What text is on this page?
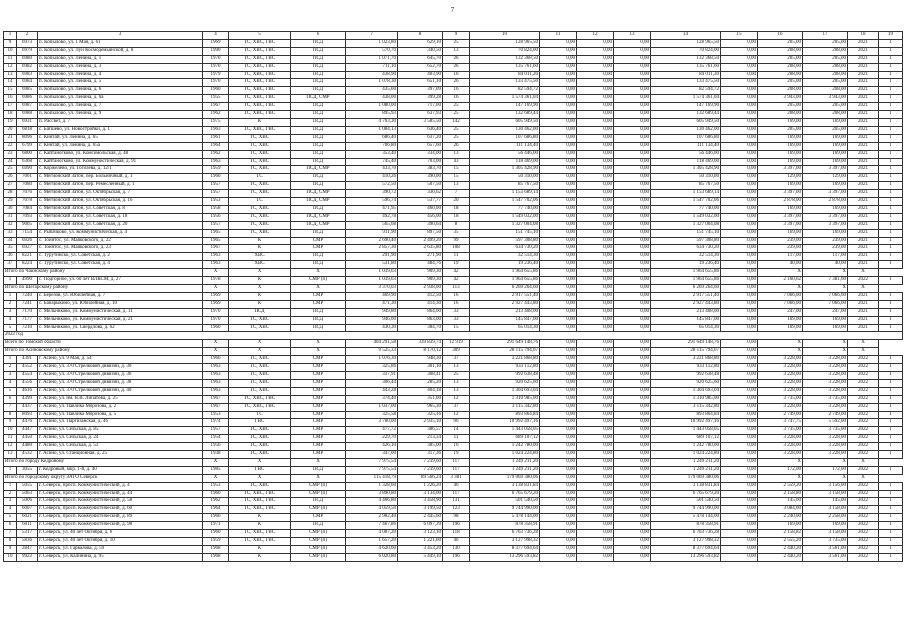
7
1	2	3	4	5	6	7	8	9	10	11	12	13	14	15	16	17	18	19
9	6973	п. Копылово, ул. 1 Мая, д. 61	1969	ТС, ХВС, ГВС	ПСД	1 023,80	629,10	25	128 965,50	0,00	0,00	0,00	128 965,50	0,00	205,00	205,00	2021	1
10	6979	п. Копылово, ул. Луи Космодемьянской, д. 8	1990	ТС, ХВС, ГВС	ПСД	570,70	340,50	13	70 824,00	0,00	0,00	0,00	70 824,00	0,00	208,00	208,00	2021	1
11	6980	п. Копылово, ул. Ленина, д. 1	1970	ТС, ХВС, ГВС	ПСД	1 071,70	645,70	26	132 368,50	0,00	0,00	0,00	132 368,50	0,00	205,00	205,00	2021	1
12	6982	п. Копылово, ул. Ленина, д. 3	1970	ТС, ХВС, ГВС	ПСД	711,10	652,70	26	135 761,60	0,00	0,00	0,00	135 761,60	0,00	208,00	208,00	2021	1
13	6983	п. Копылово, ул. Ленина, д. 4	1979	ТС, ХВС, ГВС	ПСД	438,90	403,90	16	84 011,20	0,00	0,00	0,00	84 011,20	0,00	208,00	208,00	2021	1
14	6984	п. Копылово, ул. Ленина, д. 5	1970	ТС, ХВС, ГВС	ПСД	1 078,30	651,10	26	133 475,50	0,00	0,00	0,00	133 475,50	0,00	205,00	205,00	2021	1
15	6985	п. Копылово, ул. Ленина, д. 6	1960	ТС, ХВС, ГВС	ПСД	435,60	397,09	16	82 594,72	0,00	0,00	0,00	82 594,72	0,00	208,00	208,00	2021	1
16	6986	п. Копылово, ул. Ленина, д. 6а	1955	ТС, ХВС, ГВС	ПСД, СМР	438,00	399,28	16	1 574 361,04	0,00	0,00	0,00	1 574 361,04	0,00	3 943,00	3 943,00	2021	1
17	6987	п. Копылово, ул. Ленина, д. 7	1967	ТС, ХВС, ГВС	ПСД	1 080,00	717,00	25	147 169,90	0,00	0,00	0,00	147 169,90	0,00	205,00	205,00	2021	1
18	6988	п. Копылово, ул. Ленина, д. 9	1962	ТС, ХВС, ГВС	ПСД	895,93	637,93	25	132 689,44	0,00	0,00	0,00	132 689,44	0,00	208,00	208,00	2021	1
19	6931	п. Рассвет, д. 7	1975	К	ПСД	4 703,30	3 585,50	142	605 949,50	0,00	0,00	0,00	605 949,50	0,00	169,00	169,00	2021	1
20	6818	с. Батшево, ул. Новостройки, д. 1	1963	ТС, ХВС, ГВС	ПСД	1 084,13	636,40	25	130 462,00	0,00	0,00	0,00	130 462,00	0,00	205,00	205,00	2021	1
21	8096	с. Кинтай, ул. Ленина, д. 65	1961	ТС, ХВС	ПСД	686,40	637,20	25	107 686,80	0,00	0,00	0,00	107 686,80	0,00	169,00	169,00	2021	1
22	6799	с. Кинтай, ул. Ленина, д. 65а	1964	ТС, ХВС	ПСД	706,80	657,60	26	111 134,40	0,00	0,00	0,00	111 134,40	0,00	169,00	169,00	2021	1
23	6800	с. Кайтаногково, ул. Комсомольская, д. 48	1962	ТС, ХВС	ПСД	353,40	334,00	13	56 446,00	0,00	0,00	0,00	56 446,00	0,00	169,00	169,00	2021	1
24	6368	с. Кайтаногково, ул. Коммунистическая, д. 91	1963	ТС, ХВС	ПСД	745,40	703,00	43	118 469,00	0,00	0,00	0,00	118 469,00	0,00	169,00	169,00	2021	1
25	6990	с. Коржелево, ул. Гоголева, д. 12/1	1959	ТС, ХВС	ПСД, СМР	433,70	383,70	15	1 305 428,90	0,00	0,00	0,00	1 305 428,90	0,00	3 397,00	3 397,00	2021	1
26	7061	с. Мегионский Затон, пер. Больничный, д. 1	1960	ТС	ПСД	410,26	390,00	15	50 310,00	0,00	0,00	0,00	50 310,00	0,00	129,00	129,00	2021	1
27	7080	с. Мегионский Затон, пер. Ремесленный, д. 1	1957	ТС, ХВС	ПСД	572,50	507,50	13	85 767,50	0,00	0,00	0,00	85 767,50	0,00	169,00	169,00	2021	1
28	7076	с. Мегионский Затон, ул. Октябрьская, д. 7	1957	ТС, ХВС	ПСД, СМР	390,72	330,62	7	1 153 689,14	0,00	0,00	0,00	1 153 689,14	0,00	3 397,00	3 397,00	2021	1
29	7078	с. Мегионский Затон, ул. Октябрьская, д. 16	1953	ТС	ПСД, СМР	596,74	537,77	20	1 547 702,06	0,00	0,00	0,00	1 547 702,06	0,00	2 878,00	2 878,00	2021	1
30	7084	с. Мегионский Затон, ул. Советская, д. 8	1958	ТС, ХВС	ПСД	471,95	460,00	18	77 740,00	0,00	0,00	0,00	77 740,00	0,00	169,00	169,00	2021	1
31	7093	с. Мегионский Затон, ул. Советская, д. 18	1956	ТС, ХВС	ПСД, СМР	492,78	456,00	18	1 549 032,00	0,00	0,00	0,00	1 549 032,00	0,00	3 397,00	3 397,00	2021	1
32	9005	с. Мегионский Затон, ул. Советская, д. 20	1957	ТС, ХВС	ПСД, СМР	565,68	390,64	8	1 327 004,08	0,00	0,00	0,00	1 327 004,08	0,00	3 397,00	3 397,00	2021	1
33	7154	с. Рыбачково, ул. Коммунистическая, д. 4	1965	ТС, ХВС	ПСД	911,90	897,50	35	151 745,10	0,00	0,00	0,00	151 745,10	0,00	169,00	169,00	2021	1
34	6926	с. Тоинтос, ул. Маяковского, д. 22	1965	К	СМР	2 690,40	2 499,20	99	597 308,80	0,00	0,00	0,00	597 308,80	0,00	239,00	239,00	2021	1
35	6927	с. Тоинтос, ул. Маяковского, д. 23	1967	К	СМР	2 857,30	2 635,80	108	634 730,20	0,00	0,00	0,00	634 730,20	0,00	239,00	239,00	2021	1
36	8221	с. Турутинско, ул. Советская, д. 2	1963	ХВС	ПСД	291,90	271,90	11	32 514,30	0,00	0,00	0,00	32 514,30	0,00	117,00	117,00	2021	1
37	8224	с. Турутинско, ул. Советская, д. 4	1963	ХВС	ПСД	531,80	484,76	19	19 236,40	0,00	0,00	0,00	19 236,40	0,00	40,00	40,00	2021	1
Итого по Чаинскому району			X	X	X	1 039,63	909,30	42	1 964 655,86	0,00	0,00	0,00	1 964 655,86	0,00	X	X	X	
1	4990	с. Подгорное, ул. 60 лет ВЛКСМ, д. 27	1978	К	СМР (п)	1 039,63	909,30	42	1 964 655,86	0,00	0,00	0,00	1 964 655,86	0,00	2 160,62	7 381,00	2022	1
Итого по Шегарскому району			X	X	X	3 370,03	2 938,00	113	6 269 264,60	0,00	0,00	0,00	6 269 264,60	0,00	X	X	X	
1	7240	с. Березов, ул. Юбилейная, д. 7	1969	К	СМР	469,90	412,50	16	2 917 551,40	0,00	0,00	0,00	2 917 551,40	0,00	7 066,00	7 066,00	2021	1
2	7241	с. Бабарыкино, ул. Юбилейная, д. 10	1969	К	СМР	471,30	414,30	16	2 927 443,80	0,00	0,00	0,00	2 927 443,80	0,00	7 066,00	7 066,00	2021	1
3	7170	с. Мельниково, ул. Коммунистическая, д. 11	1970	ПСД	ПСД	949,80	864,00	33	213 408,00	0,00	0,00	0,00	213 408,00	0,00	247,00	247,00	2021	1
4	7177	с. Мельниково, ул. Коммунистическая, д. 21	1970	ТС, ХВС	ПСД	946,00	863,00	33	145 847,00	0,00	0,00	0,00	145 847,00	0,00	169,00	169,00	2021	1
5	7210	с. Мельниково, ул. Свердлова, д. 62	1960	ТС, ХВС	ПСД	430,30	384,70	15	65 014,30	0,00	0,00	0,00	65 014,30	0,00	169,00	169,00	2021	1
2022 год																		
Всего по Томской области			X	X	X	404 291,58	339 839,74	12 919	291 649 148,76	0,00	0,00	0,00	291 649 148,76	0,00	X	X	X	
Итого по Асиновскому району			X	X	X	9 525,33	8 170,12	309	28 115 794,07	0,00	0,00	0,00	28 115 794,07	0,00	X	X	X	
1	4391	г. Асино, ул. 9 Мая, д. 54	1966	ТС, ХВС	СМР	1 076,30	948,30	37	3 221 868,80	0,00	0,00	0,00	3 221 868,80	0,00	3 228,00	3 228,00	2022	1
2	4552	г. Асино, ул. 370 Стрелковой дивизии, д. 30	1963	ТС, ХВС	СМР	325,86	301,10	13	933 112,80	0,00	0,00	0,00	933 112,80	0,00	3 228,00	3 228,00	2022	1
3	4554	г. Асино, ул. 370 Стрелковой дивизии, д. 36	1963	ТС, ХВС	СМР	337,91	308,41	25	992 638,48	0,00	0,00	0,00	992 638,48	0,00	3 228,00	3 228,00	2022	1
4	4556	г. Асино, ул. 370 Стрелковой дивизии, д. 38	1963	ТС, ХВС	СМР	306,44	285,20	13	920 625,60	0,00	0,00	0,00	920 625,60	0,00	3 228,00	3 228,00	2022	1
5	4616	г. Асино, ул. 370 Стрелковой дивизии, д. 40	1963	ТС, ХВС	СМР	443,28	404,18	13	1 304 693,04	0,00	0,00	0,00	1 304 693,04	0,00	3 228,00	3 228,00	2022	1
6	4399	г. Асино, ул. им. В.В. Липатова, д. 25	1967	ТС, ХВС, ГВС	СМР	374,40	351,00	12	1 310 985,00	0,00	0,00	0,00	1 310 985,00	0,00	3 735,00	3 735,00	2022	1
7	4437	г. Асино, ул. Павлика Морозова, д. 2	1967	ТС, ХВС, ГВС	СМР	1 037,00	965,30	37	3 115 342,80	0,00	0,00	0,00	3 115 342,80	0,00	3 228,00	3 228,00	2022	1
8	8093	г. Асино, ул. Павлика Морозова, д. 5	1953	ТС	СМР	325,58	325,16	12	893 864,84	0,00	0,00	0,00	893 864,84	0,00	2 749,00	2 749,00	2022	1
9	4476	г. Асино, ул. Партизанская, д. 46	1974	ГВС	СМР	3 780,00	2 935,10	96	10 992 497,16	0,00	0,00	0,00	10 992 497,16	0,00	3 747,75	5 592,00	2022	1
10	4447	г. Асино, ул. Сельская, д. 85	1957	ТС, ХВС	СМР	477,72	386,57	14	1 443 058,05	0,00	0,00	0,00	1 443 058,05	0,00	3 735,00	3 735,00	2022	1
11	4450	г. Асино, ул. Сельская, д. 24	1954	ТС, ХВС	СМР	229,70	213,34	11	689 107,12	0,00	0,00	0,00	689 107,12	0,00	3 228,00	3 228,00	2022	1
12	4480	г. Асино, ул. Сельская, д. 53	1956	ТС, ХВС	СМР	426,10	385,00	16	1 242 780,00	0,00	0,00	0,00	1 242 780,00	0,00	3 228,00	3 228,00	2022	1
13	4532	г. Асино, ул. Станционная, д. 25	1938	ТС, ХВС	СМР	347,00	317,36	19	1 024 224,80	0,00	0,00	0,00	1 024 224,80	0,00	3 228,00	3 228,00	2022	1
Итого по городу Кедровому			X	X	X	7 975,54	7 239,60	117	1 249 211,20	0,00	0,00	0,00	1 249 211,20	0,00	X	X	X	
1	3055	г. Кедровый, мкр. 1-й, д. 40	1985	ГВС	ПСД	7 975,54	7 239,60	117	1 249 211,20	0,00	0,00	0,00	1 249 211,20	0,00	172,00	172,00	2022	1
Итого по городскому округу ЗАТО Северск			X	X	X	115 418,79	89 566,24	3 381	179 069 380,06	0,00	0,00	0,00	179 069 380,06	0,00	X	X	X	
1	5055	г. Северск, просп. Коммунистический, д. 4	1953	ТС, ХВС	СМР (п)	1 328,60	1 226,20	46	3 138 831,84	0,00	0,00	0,00	3 138 831,84	0,00	2 559,20	3 156,00	2022	1
2	5063	г. Северск, просп. Коммунистический, д. 44	1960	ТС, ХВС, ГВС	СМР (п)	3 890,80	3 134,00	117	6 765 679,20	0,00	0,00	0,00	6 765 679,20	0,00	2 158,80	3 158,00	2022	1
3	5006	г. Северск, просп. Коммунистический, д. 58	1962	ТС, ХВС, ГВС	ПСД	4 466,80	3 458,90	131	501 540,50	0,00	0,00	0,00	501 540,50	0,00	145,00	145,00	2022	1
4	6007	г. Северск, просп. Коммунистический, д. 60	1964	ТС, ХВС, ГВС	СМР (п)	4 059,50	3 199,50	123	9 744 990,00	0,00	0,00	0,00	9 744 990,00	0,00	3 084,00	3 158,00	2022	1
5	6021	г. Северск, просп. Коммунистический, д. 89	1966	К	СМР	2 982,40	2 445,60	98	5 478 144,00	0,00	0,00	0,00	5 478 144,00	0,00	2 240,00	2 258,00	2022	1
6	6011	г. Северск, просп. Коммунистический, д. 98	1971	К	ПСД	7 467,86	6 097,39	196	878 358,91	0,00	0,00	0,00	878 358,91	0,00	169,00	169,00	2022	1
7	5317	г. Северск, ул. 40 лет Октября, д. 6	1960	ТС, ХВС, ГВС	СМР (п)	4 087,20	3 123,10	118	6 763 736,28	0,00	0,00	0,00	6 763 736,28	0,00	2 158,82	3 158,00	2022	1
8	5836	г. Северск, ул. 40 лет Октября, д. 10	1959	ТС, ХВС, ГВС	СМР (п)	1 657,20	1 221,00	46	3 127 998,32	0,00	0,00	0,00	3 127 998,32	0,00	2 555,20	3 735,00	2022	1
9	2847	г. Северск, ул. Гарвалова, д. 59	1968	К	СМР (п)	4 620,60	3 453,20	130	8 377 694,64	0,00	0,00	0,00	8 377 694,64	0,00	2 440,20	3 561,00	2022	1
10	9922	г. Северск, ул. Калинина, д. 95	1968	К	СМР (п)	6 020,80	5 449,10	196	13 296 593,82	0,00	0,00	0,00	13 296 593,82	0,00	2 440,20	3 561,00	2022	1
